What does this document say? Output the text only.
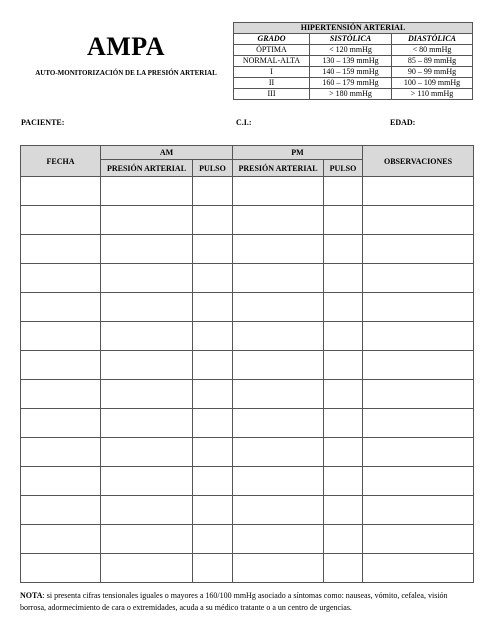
AMPA
AUTO-MONITORIZACIÓN DE LA PRESIÓN ARTERIAL
HIPERTENSIÓN ARTERIAL		
GRADO	SISTÓLICA	DIASTÓLICA
ÓPTIMA	< 120 mmHg	< 80 mmHg
NORMAL-ALTA	130 – 139 mmHg	85 – 89 mmHg
I	140 – 159 mmHg	90 – 99 mmHg
II	160 – 179 mmHg	100 – 109 mmHg
III	> 180 mmHg	> 110 mmHg
PACIENTE:	C.I.:	EDAD:
FECHA	AM		PM		OBSERVACIONES
	PRESIÓN ARTERIAL	PULSO	PRESIÓN ARTERIAL	PULSO	

NOTA: si presenta cifras tensionales iguales o mayores a 160/100 mmHg asociado a síntomas como: nauseas, vómito, cefalea, visión borrosa, adormecimiento de cara o extremidades, acuda a su médico tratante o a un centro de urgencias.
